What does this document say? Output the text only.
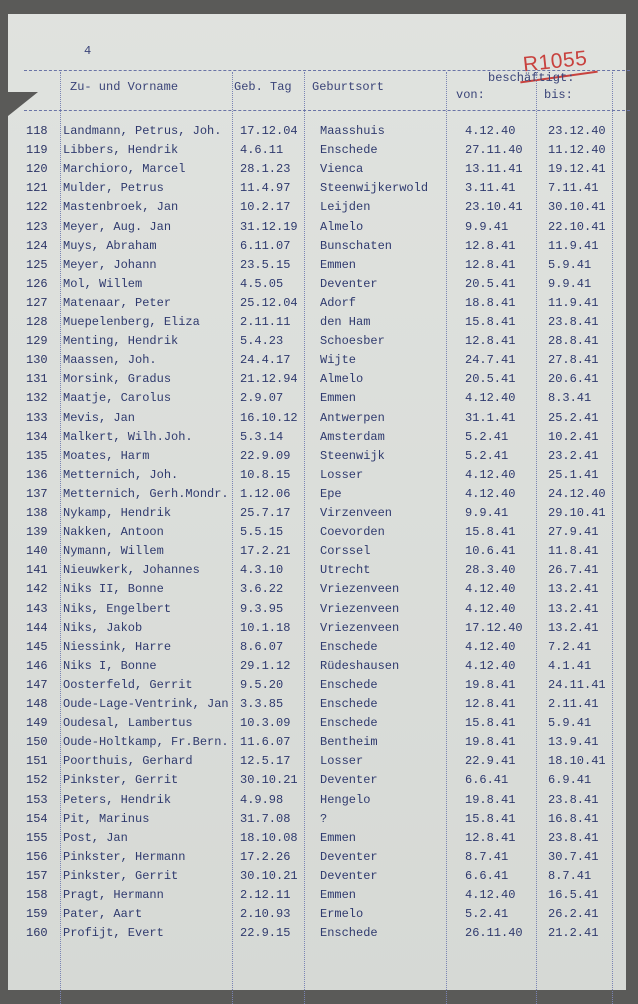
4	R1055
Zu- und Vorname	Geb. Tag Geburtsort
beschäftigt:
von:	bis:
118	Landmann, Petrus, Joh.	17.12.04 Maasshuis	4.12.40	23.12.40
119	Libbers, Hendrik	4.6.11	Enschede	27.11.40 11.12.40
120	Marchioro, Marcel	28.1.23 Vienca	13.11.41 19.12.41
121	Mulder, Petrus	11.4.97 Steenwijkerwold	3.11.41	7.11.41
122	Mastenbroek, Jan	10.2.17 Leijden	23.10.41 30.10.41
123	Meyer, Aug. Jan	31.12.19 Almelo	9.9.41	22.10.41
124	Muys, Abraham	6.11.07 Bunschaten	12.8.41	11.9.41
125	Meyer, Johann	23.5.15 Emmen	12.8.41	5.9.41
126	Mol, Willem	4.5.05	Deventer	20.5.41	9.9.41
127	Matenaar, Peter	25.12.04 Adorf	18.8.41	11.9.41
128	Muepelenberg, Eliza	2.11.11 den Ham	15.8.41	23.8.41
129	Menting, Hendrik	5.4.23	Schoesber	12.8.41	28.8.41
130	Maassen, Joh.	24.4.17 Wijte	24.7.41	27.8.41
131	Morsink, Gradus	21.12.94 Almelo	20.5.41	20.6.41
132	Maatje, Carolus	2.9.07	Emmen	4.12.40	8.3.41
133	Mevis, Jan	16.10.12 Antwerpen	31.1.41	25.2.41
134	Malkert, Wilh.Joh.	5.3.14	Amsterdam	5.2.41	10.2.41
135	Moates, Harm	22.9.09 Steenwijk	5.2.41	23.2.41
136	Metternich, Joh.	10.8.15 Losser	4.12.40	25.1.41
137	Metternich, Gerh.Mondr. 1.12.06 Epe	4.12.40	24.12.40
138	Nykamp, Hendrik	25.7.17 Virzenveen	9.9.41	29.10.41
139	Nakken, Antoon	5.5.15	Coevorden	15.8.41	27.9.41
140	Nymann, Willem	17.2.21 Corssel	10.6.41	11.8.41
141	Nieuwkerk, Johannes	4.3.10	Utrecht	28.3.40	26.7.41
142	Niks II, Bonne	3.6.22	Vriezenveen	4.12.40	13.2.41
143	Niks, Engelbert	9.3.95	Vriezenveen	4.12.40	13.2.41
144	Niks, Jakob	10.1.18 Vriezenveen	17.12.40 13.2.41
145	Niessink, Harre	8.6.07	Enschede	4.12.40	7.2.41
146	Niks I, Bonne	29.1.12 Rüdeshausen	4.12.40	4.1.41
147	Oosterfeld, Gerrit	9.5.20	Enschede	19.8.41	24.11.41
148	Oude-Lage-Ventrink, Jan 3.3.85	Enschede	12.8.41	2.11.41
149	Oudesal, Lambertus	10.3.09 Enschede	15.8.41	5.9.41
150	Oude-Holtkamp, Fr.Bern. 11.6.07 Bentheim	19.8.41	13.9.41
151	Poorthuis, Gerhard	12.5.17 Losser	22.9.41	18.10.41
152	Pinkster, Gerrit	30.10.21 Deventer	6.6.41	6.9.41
153	Peters, Hendrik	4.9.98	Hengelo	19.8.41	23.8.41
154	Pit, Marinus	31.7.08 ?	15.8.41	16.8.41
155	Post, Jan	18.10.08 Emmen	12.8.41	23.8.41
156	Pinkster, Hermann	17.2.26 Deventer	8.7.41	30.7.41
157	Pinkster, Gerrit	30.10.21 Deventer	6.6.41	8.7.41
158	Pragt, Hermann	2.12.11 Emmen	4.12.40	16.5.41
159	Pater, Aart	2.10.93 Ermelo	5.2.41	26.2.41
160	Profijt, Evert	22.9.15 Enschede	26.11.40 21.2.41
